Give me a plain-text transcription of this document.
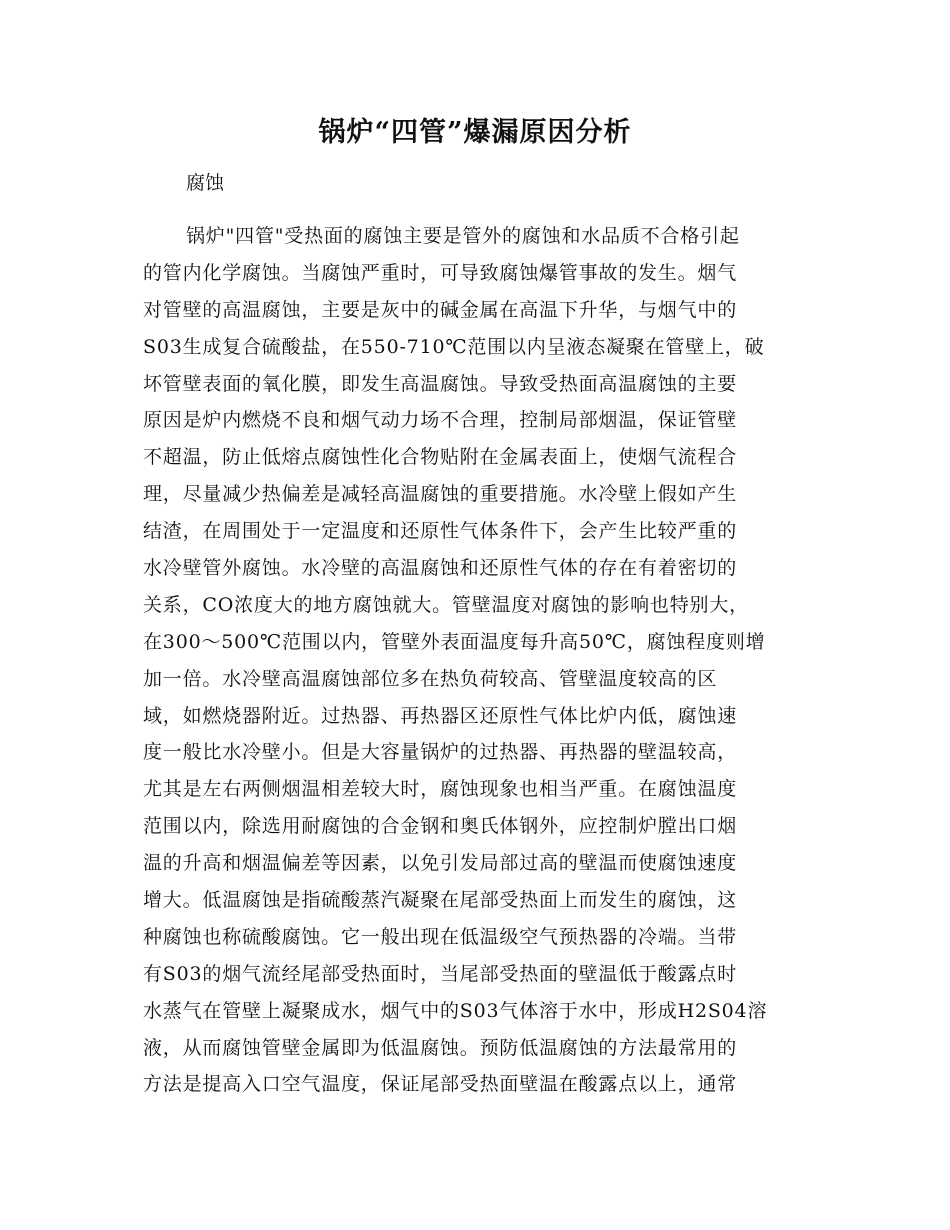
锅炉“四管”爆漏原因分析

腐蚀

锅炉"四管"受热面的腐蚀主要是管外的腐蚀和水品质不合格引起
的管内化学腐蚀。当腐蚀严重时，可导致腐蚀爆管事故的发生。烟气
对管壁的高温腐蚀，主要是灰中的碱金属在高温下升华，与烟气中的
S03生成复合硫酸盐，在550-710℃范围以内呈液态凝聚在管壁上，破
坏管壁表面的氧化膜，即发生高温腐蚀。导致受热面高温腐蚀的主要
原因是炉内燃烧不良和烟气动力场不合理，控制局部烟温，保证管壁
不超温，防止低熔点腐蚀性化合物贴附在金属表面上，使烟气流程合
理，尽量减少热偏差是减轻高温腐蚀的重要措施。水冷壁上假如产生
结渣，在周围处于一定温度和还原性气体条件下，会产生比较严重的
水冷壁管外腐蚀。水冷壁的高温腐蚀和还原性气体的存在有着密切的
关系，CO浓度大的地方腐蚀就大。管壁温度对腐蚀的影响也特别大，
在300～500℃范围以内，管壁外表面温度每升高50℃，腐蚀程度则增
加一倍。水冷壁高温腐蚀部位多在热负荷较高、管壁温度较高的区
域，如燃烧器附近。过热器、再热器区还原性气体比炉内低，腐蚀速
度一般比水冷壁小。但是大容量锅炉的过热器、再热器的壁温较高，
尤其是左右两侧烟温相差较大时，腐蚀现象也相当严重。在腐蚀温度
范围以内，除选用耐腐蚀的合金钢和奥氏体钢外，应控制炉膛出口烟
温的升高和烟温偏差等因素，以免引发局部过高的壁温而使腐蚀速度
增大。低温腐蚀是指硫酸蒸汽凝聚在尾部受热面上而发生的腐蚀，这
种腐蚀也称硫酸腐蚀。它一般出现在低温级空气预热器的冷端。当带
有S03的烟气流经尾部受热面时，当尾部受热面的壁温低于酸露点时
水蒸气在管壁上凝聚成水，烟气中的S03气体溶于水中，形成H2S04溶
液，从而腐蚀管壁金属即为低温腐蚀。预防低温腐蚀的方法最常用的
方法是提高入口空气温度，保证尾部受热面壁温在酸露点以上，通常
